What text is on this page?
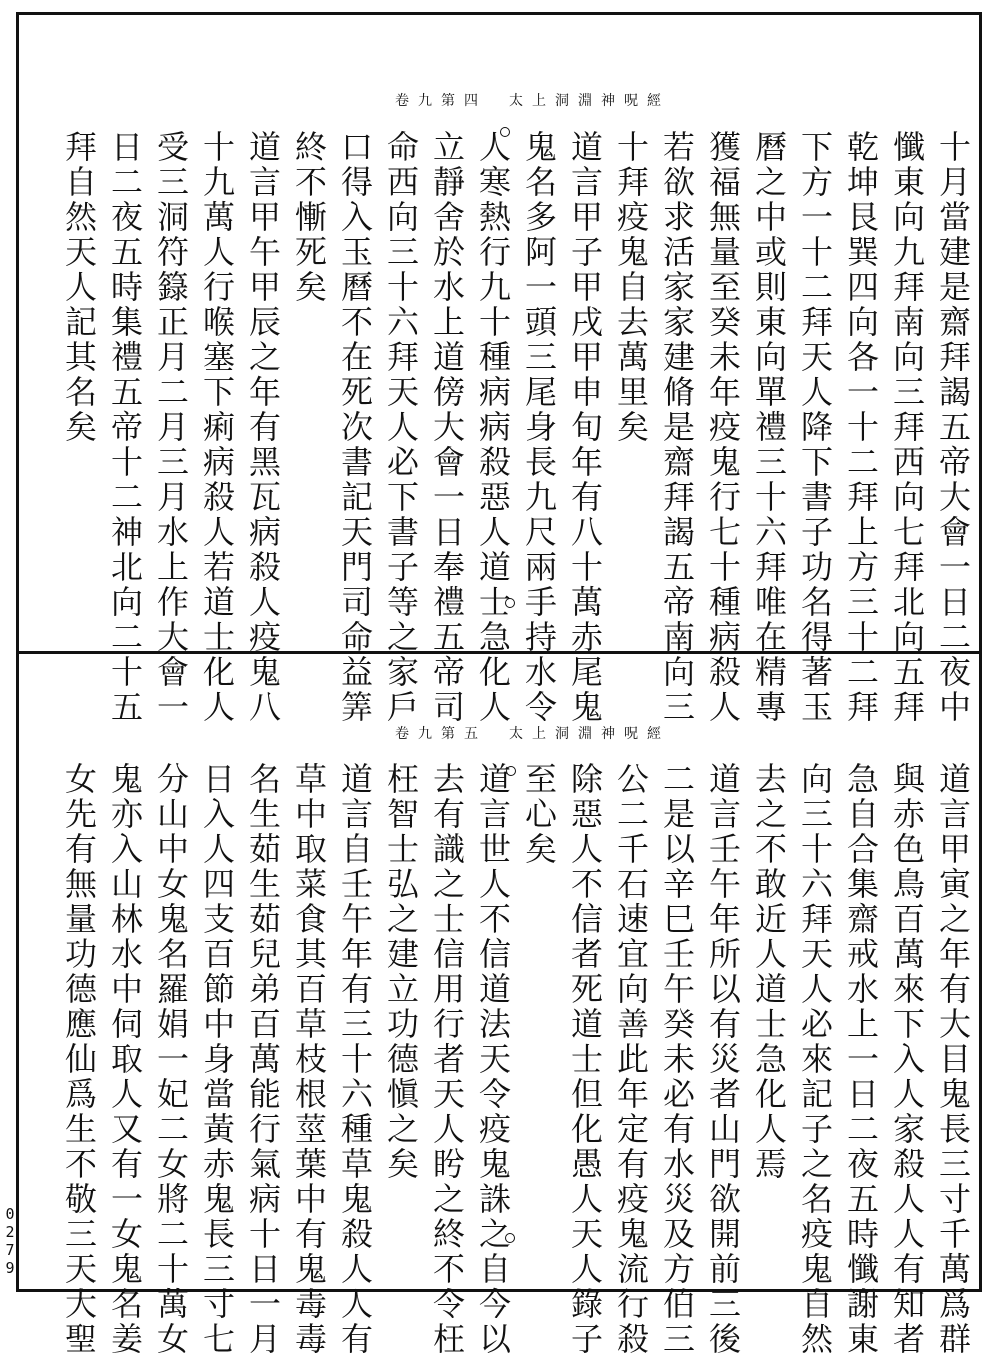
卷九第四 太上洞淵神呪經
十月當建是齋拜謁五帝大會一日二夜中
懺東向九拜南向三拜西向七拜北向五拜
乾坤艮巽四向各一十二拜上方三十二拜
下方一十二拜天人降下書子功名得著玉
曆之中或則東向單禮三十六拜唯在精專
獲福無量至癸未年疫鬼行七十種病殺人
若欲求活家家建脩是齋拜謁五帝南向三
十拜疫鬼自去萬里矣
道言甲子甲戌甲申旬年有八十萬赤尾鬼
鬼名多阿一頭三尾身長九尺兩手持水令
人寒熱行九十種病病殺惡人道士急化人
立靜舍於水上道傍大會一日奉禮五帝司
命西向三十六拜天人必下書子等之家戶
口得入玉曆不在死次書記天門司命益筭
終不慚死矣
道言甲午甲辰之年有黑瓦病殺人疫鬼八
十九萬人行喉塞下痢病殺人若道士化人
受三洞符籙正月二月三月水上作大會一
日二夜五時集禮五帝十二神北向二十五
拜自然天人記其名矣
卷九第五 太上洞淵神呪經
道言甲寅之年有大目鬼長三寸千萬爲群
與赤色鳥百萬來下入人家殺人人有知者
急自合集齋戒水上一日二夜五時懺謝東
向三十六拜天人必來記子之名疫鬼自然
去之不敢近人道士急化人焉
道言壬午年所以有災者山門欲開前三後
二是以辛巳壬午癸未必有水災及方伯三
公二千石速宜向善此年定有疫鬼流行殺
除惡人不信者死道士但化愚人天人錄子
至心矣
道言世人不信道法天令疫鬼誅之自今以
去有識之士信用行者天人盻之終不令枉
枉智士弘之建立功德愼之矣
道言自壬午年有三十六種草鬼殺人人有
草中取菜食其百草枝根莖葉中有鬼毒毒
名生茹生茹兒弟百萬能行氣病十日一月
日入人四支百節中身當黃赤鬼長三寸七
分山中女鬼名羅娟一妃二女將二十萬女
鬼亦入山林水中伺取人又有一女鬼名姜
女先有無量功德應仙爲生不敬三天大聖
0279
